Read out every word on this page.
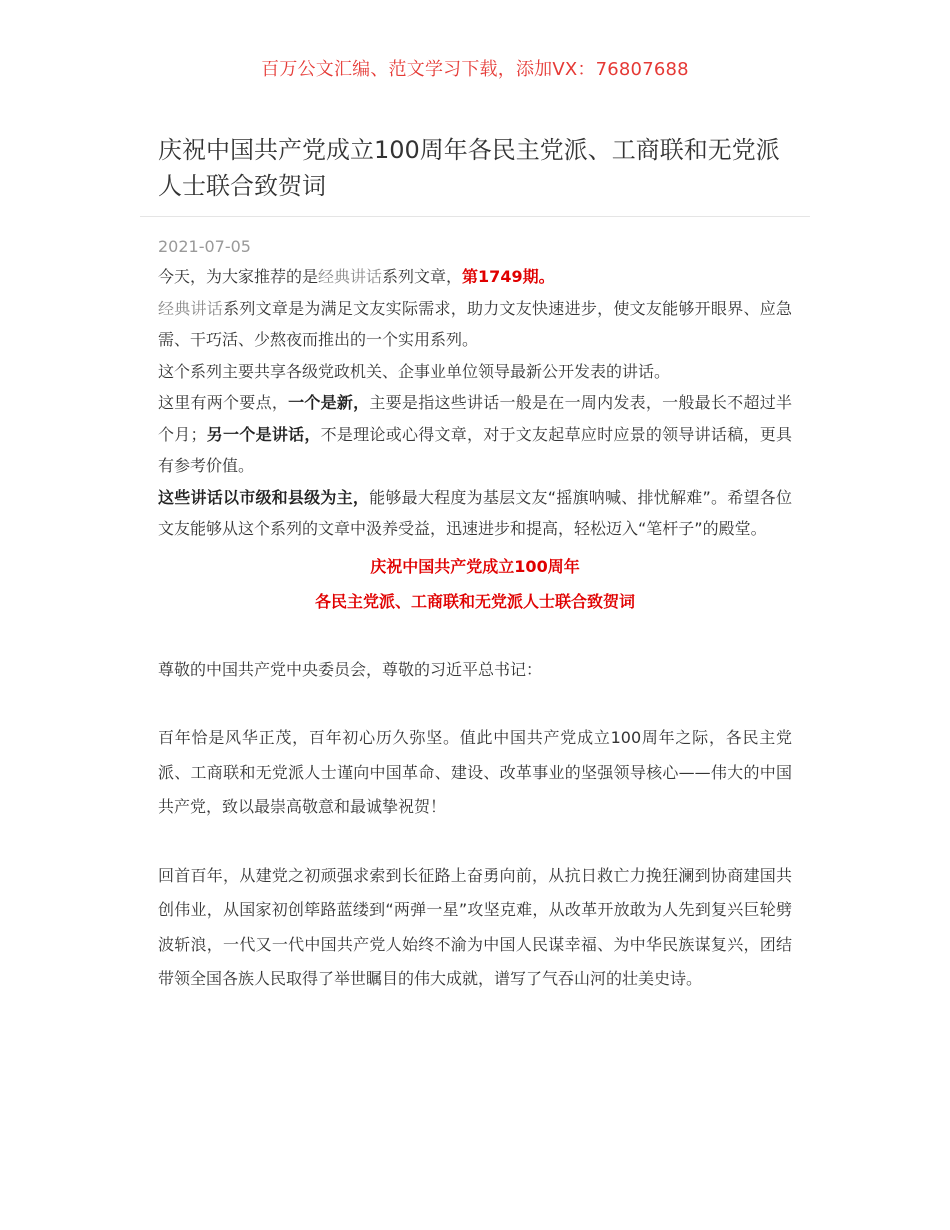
百万公文汇编、范文学习下载，添加VX：76807688
庆祝中国共产党成立100周年各民主党派、工商联和无党派人士联合致贺词
2021-07-05

今天，为大家推荐的是经典讲话系列文章，第1749期。

经典讲话系列文章是为满足文友实际需求，助力文友快速进步，使文友能够开眼界、应急需、干巧活、少熬夜而推出的一个实用系列。

这个系列主要共享各级党政机关、企事业单位领导最新公开发表的讲话。

这里有两个要点，一个是新，主要是指这些讲话一般是在一周内发表，一般最长不超过半个月；另一个是讲话，不是理论或心得文章，对于文友起草应时应景的领导讲话稿，更具有参考价值。

这些讲话以市级和县级为主，能够最大程度为基层文友“摇旗呐喊、排忧解难”。希望各位文友能够从这个系列的文章中汲养受益，迅速进步和提高，轻松迈入“笔杆子”的殿堂。

庆祝中国共产党成立100周年

各民主党派、工商联和无党派人士联合致贺词

尊敬的中国共产党中央委员会，尊敬的习近平总书记：

百年恰是风华正茂，百年初心历久弥坚。值此中国共产党成立100周年之际，各民主党派、工商联和无党派人士谨向中国革命、建设、改革事业的坚强领导核心——伟大的中国共产党，致以最崇高敬意和最诚挚祝贺！

回首百年，从建党之初顽强求索到长征路上奋勇向前，从抗日救亡力挽狂澜到协商建国共创伟业，从国家初创筚路蓝缕到“两弹一星”攻坚克难，从改革开放敢为人先到复兴巨轮劈波斩浪，一代又一代中国共产党人始终不渝为中国人民谋幸福、为中华民族谋复兴，团结带领全国各族人民取得了举世瞩目的伟大成就，谱写了气吞山河的壮美史诗。
